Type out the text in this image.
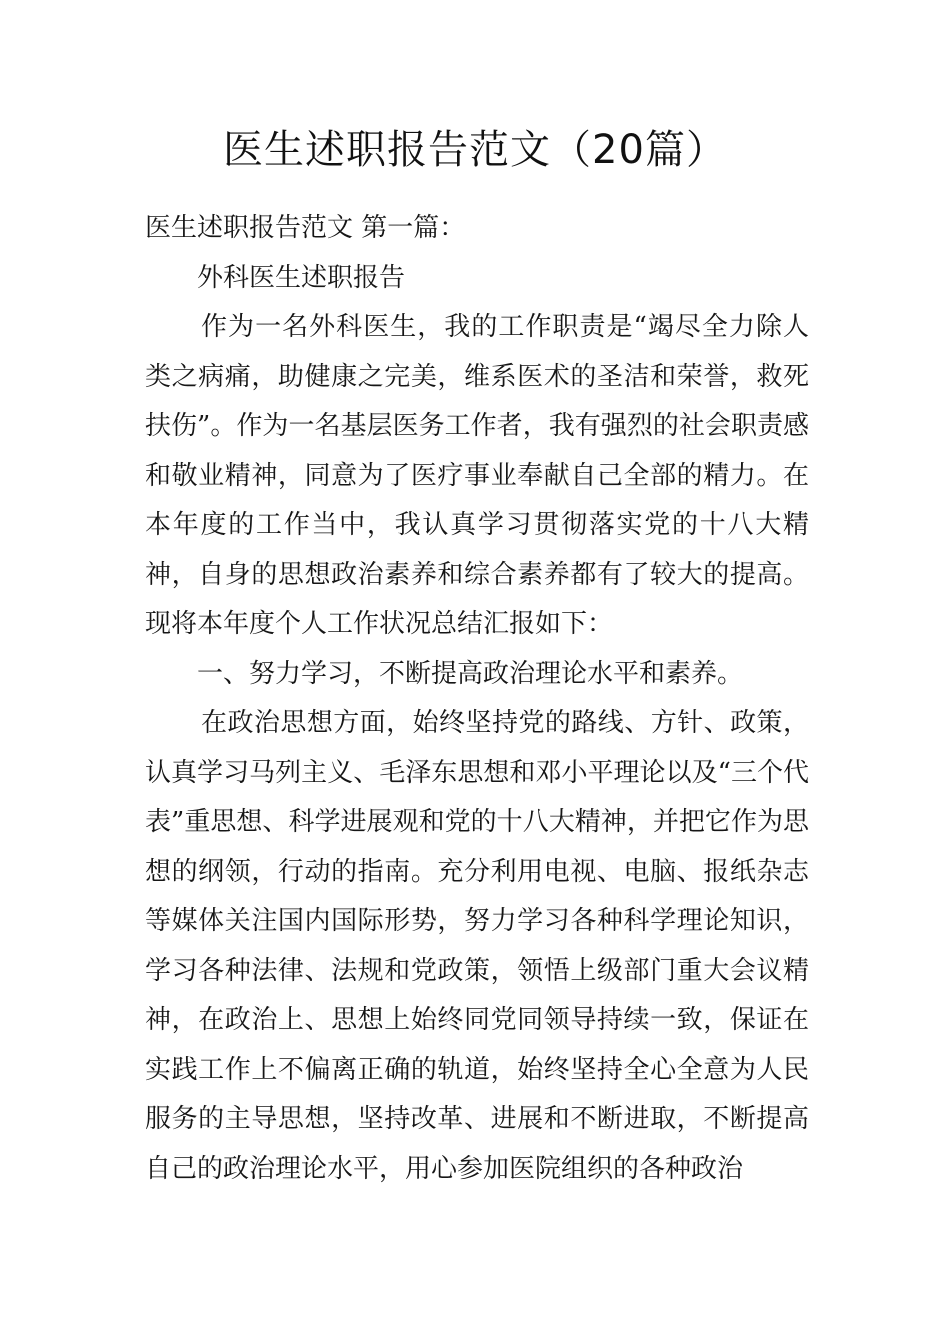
医生述职报告范文（20篇）

医生述职报告范文 第一篇：

外科医生述职报告

作为一名外科医生，我的工作职责是“竭尽全力除人类之病痛，助健康之完美，维系医术的圣洁和荣誉，救死扶伤”。作为一名基层医务工作者，我有强烈的社会职责感和敬业精神，同意为了医疗事业奉献自己全部的精力。在本年度的工作当中，我认真学习贯彻落实党的十八大精神，自身的思想政治素养和综合素养都有了较大的提高。现将本年度个人工作状况总结汇报如下：

一、努力学习，不断提高政治理论水平和素养。

在政治思想方面，始终坚持党的路线、方针、政策，认真学习马列主义、毛泽东思想和邓小平理论以及“三个代表”重思想、科学进展观和党的十八大精神，并把它作为思想的纲领，行动的指南。充分利用电视、电脑、报纸杂志等媒体关注国内国际形势，努力学习各种科学理论知识，学习各种法律、法规和党政策，领悟上级部门重大会议精神，在政治上、思想上始终同党同领导持续一致，保证在实践工作上不偏离正确的轨道，始终坚持全心全意为人民服务的主导思想，坚持改革、进展和不断进取，不断提高自己的政治理论水平，用心参加医院组织的各种政治
